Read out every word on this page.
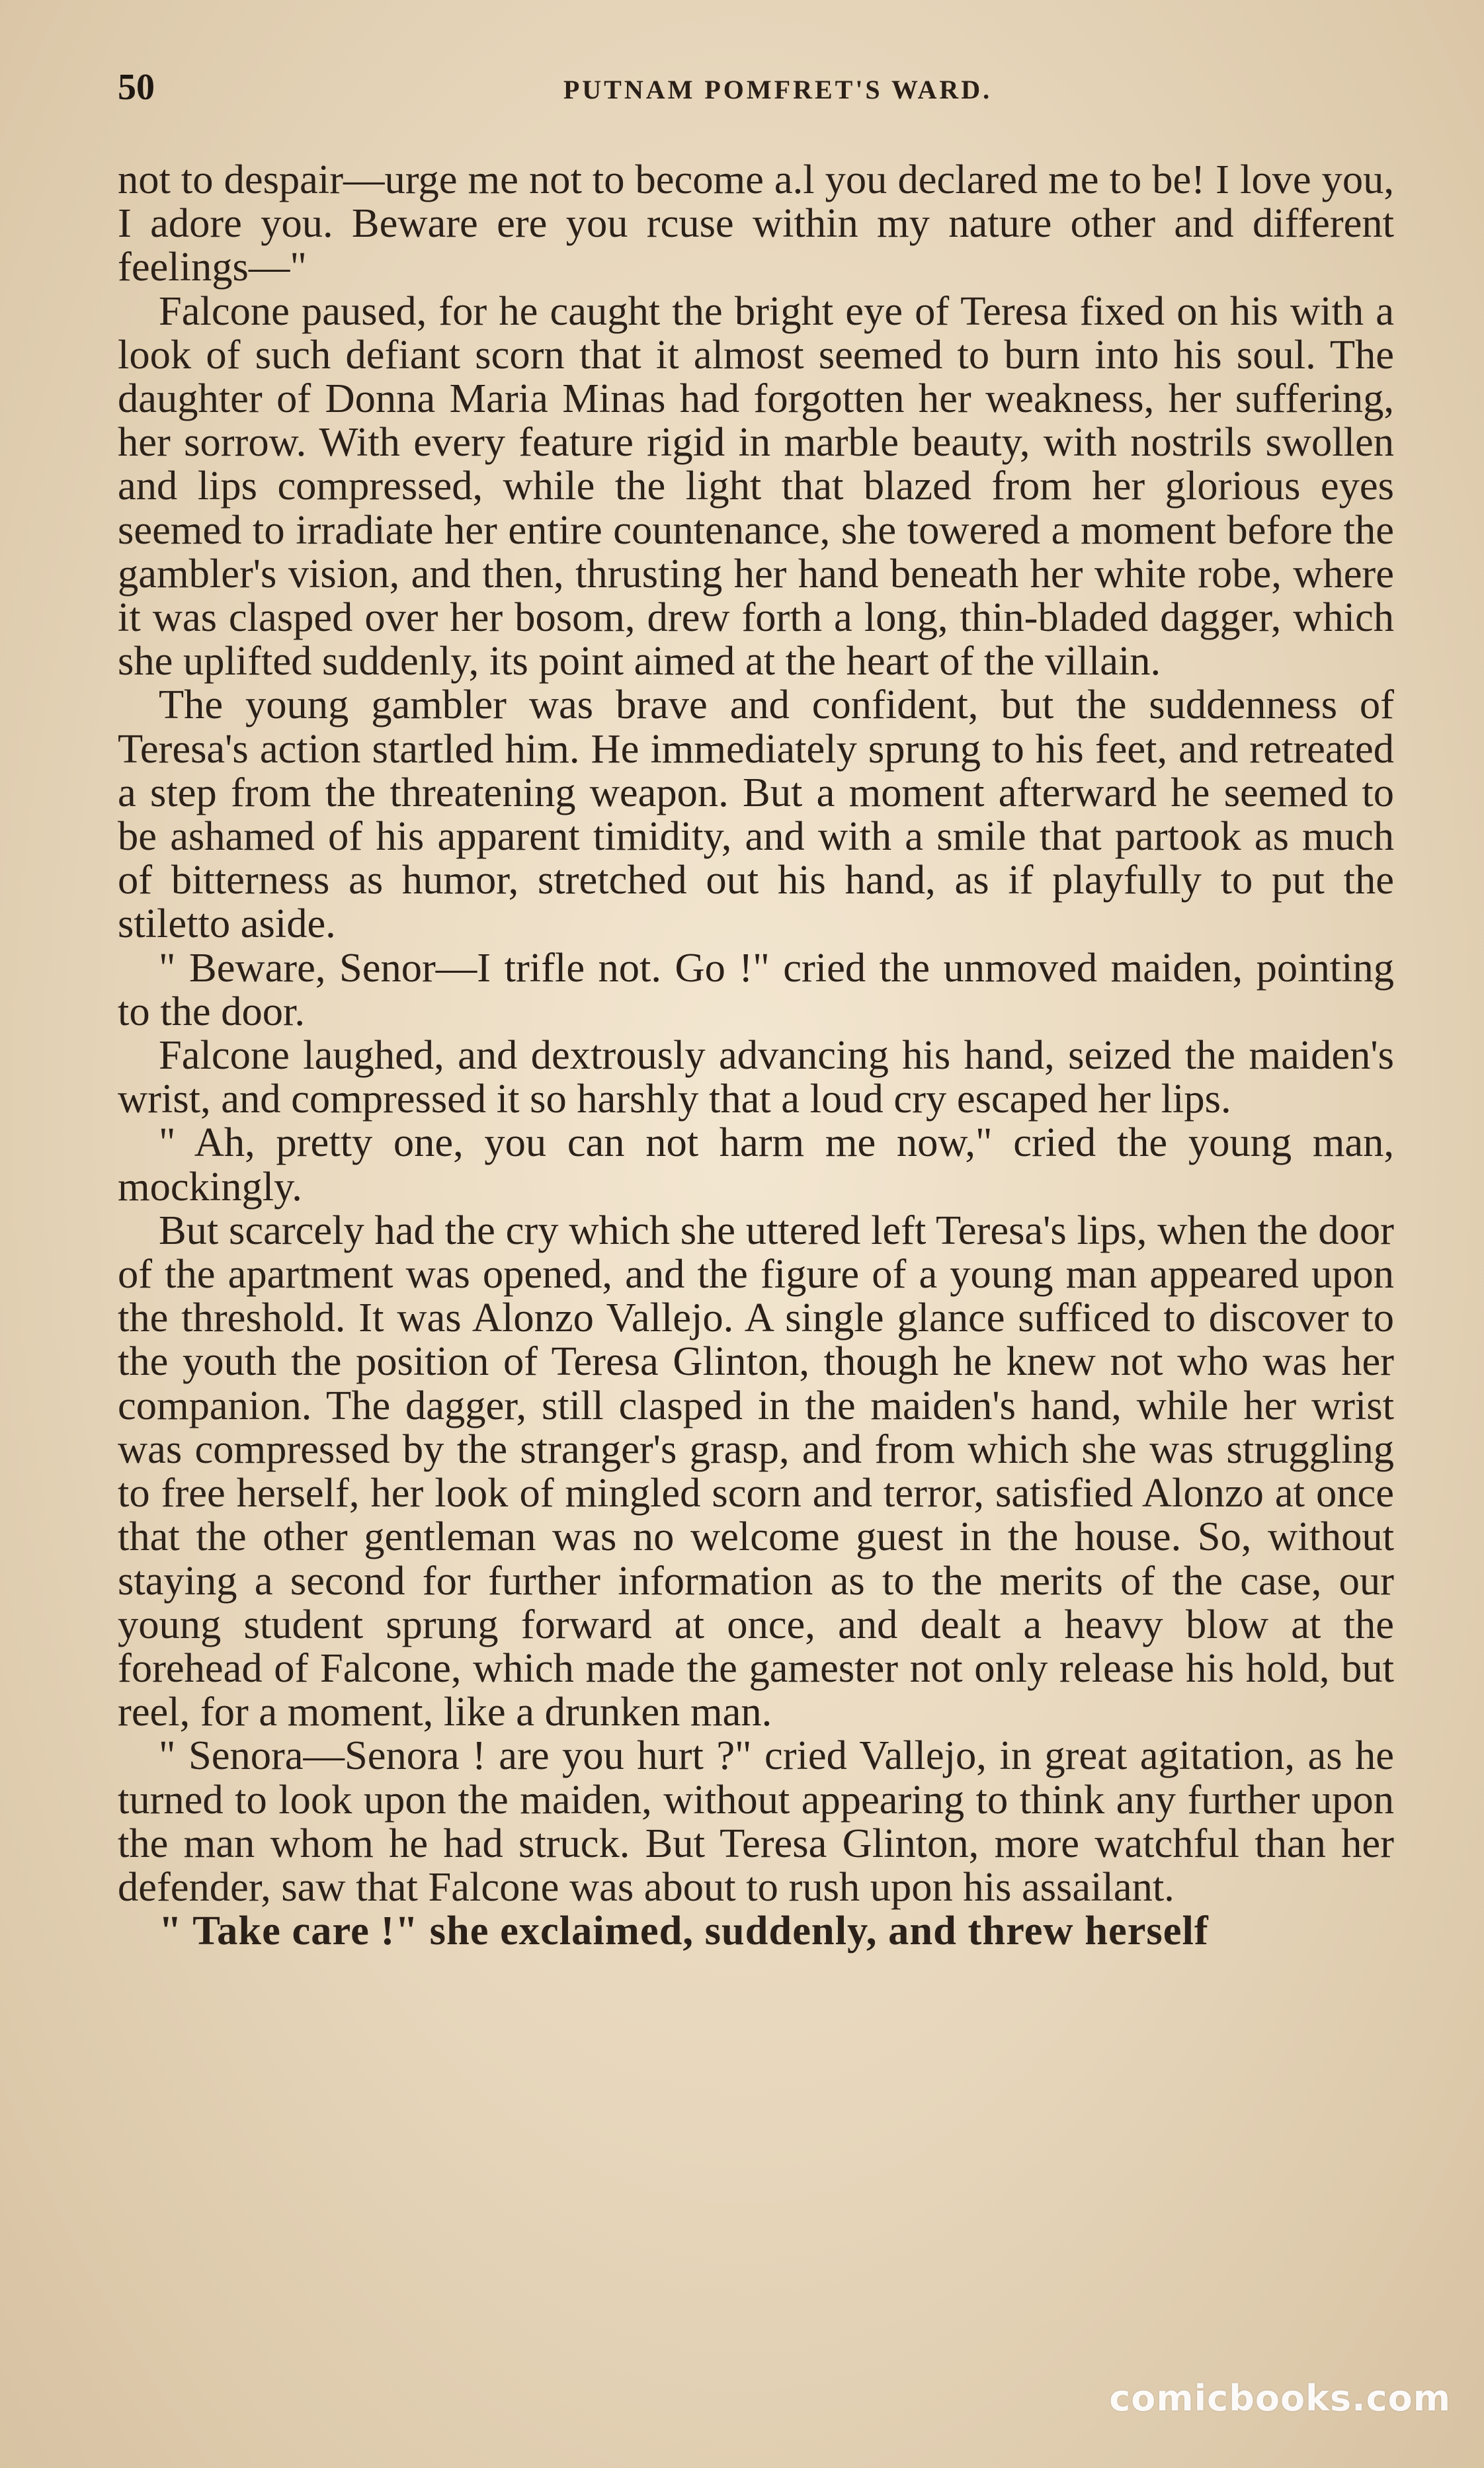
50	PUTNAM POMFRET'S WARD.

not to despair—urge me not to become a.l you declared me to be! I love you, I adore you. Beware ere you rcuse within my nature other and different feelings—"

Falcone paused, for he caught the bright eye of Teresa fixed on his with a look of such defiant scorn that it almost seemed to burn into his soul. The daughter of Donna Maria Minas had forgotten her weakness, her suffering, her sorrow. With every feature rigid in marble beauty, with nostrils swollen and lips compressed, while the light that blazed from her glorious eyes seemed to irradiate her entire countenance, she towered a moment before the gambler's vision, and then, thrusting her hand beneath her white robe, where it was clasped over her bosom, drew forth a long, thin-bladed dagger, which she uplifted suddenly, its point aimed at the heart of the villain.

The young gambler was brave and confident, but the suddenness of Teresa's action startled him. He immediately sprung to his feet, and retreated a step from the threatening weapon. But a moment afterward he seemed to be ashamed of his apparent timidity, and with a smile that partook as much of bitterness as humor, stretched out his hand, as if playfully to put the stiletto aside.

" Beware, Senor—I trifle not. Go !" cried the unmoved maiden, pointing to the door.

Falcone laughed, and dextrously advancing his hand, seized the maiden's wrist, and compressed it so harshly that a loud cry escaped her lips.

" Ah, pretty one, you can not harm me now," cried the young man, mockingly.

But scarcely had the cry which she uttered left Teresa's lips, when the door of the apartment was opened, and the figure of a young man appeared upon the threshold. It was Alonzo Vallejo. A single glance sufficed to discover to the youth the position of Teresa Glinton, though he knew not who was her companion. The dagger, still clasped in the maiden's hand, while her wrist was compressed by the stranger's grasp, and from which she was struggling to free herself, her look of mingled scorn and terror, satisfied Alonzo at once that the other gentleman was no welcome guest in the house. So, without staying a second for further information as to the merits of the case, our young student sprung forward at once, and dealt a heavy blow at the forehead of Falcone, which made the gamester not only release his hold, but reel, for a moment, like a drunken man.

" Senora—Senora ! are you hurt ?" cried Vallejo, in great agitation, as he turned to look upon the maiden, without appearing to think any further upon the man whom he had struck. But Teresa Glinton, more watchful than her defender, saw that Falcone was about to rush upon his assailant.

" Take care !" she exclaimed, suddenly, and threw herself

comicbooks.com
